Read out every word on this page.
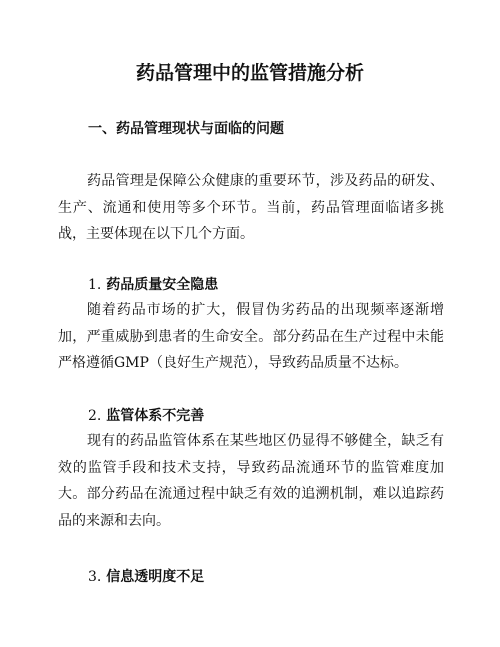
药品管理中的监管措施分析
一、药品管理现状与面临的问题

药品管理是保障公众健康的重要环节，涉及药品的研发、生产、流通和使用等多个环节。当前，药品管理面临诸多挑战，主要体现在以下几个方面。

1. 药品质量安全隐患

随着药品市场的扩大，假冒伪劣药品的出现频率逐渐增加，严重威胁到患者的生命安全。部分药品在生产过程中未能严格遵循GMP（良好生产规范），导致药品质量不达标。

2. 监管体系不完善

现有的药品监管体系在某些地区仍显得不够健全，缺乏有效的监管手段和技术支持，导致药品流通环节的监管难度加大。部分药品在流通过程中缺乏有效的追溯机制，难以追踪药品的来源和去向。

3. 信息透明度不足
